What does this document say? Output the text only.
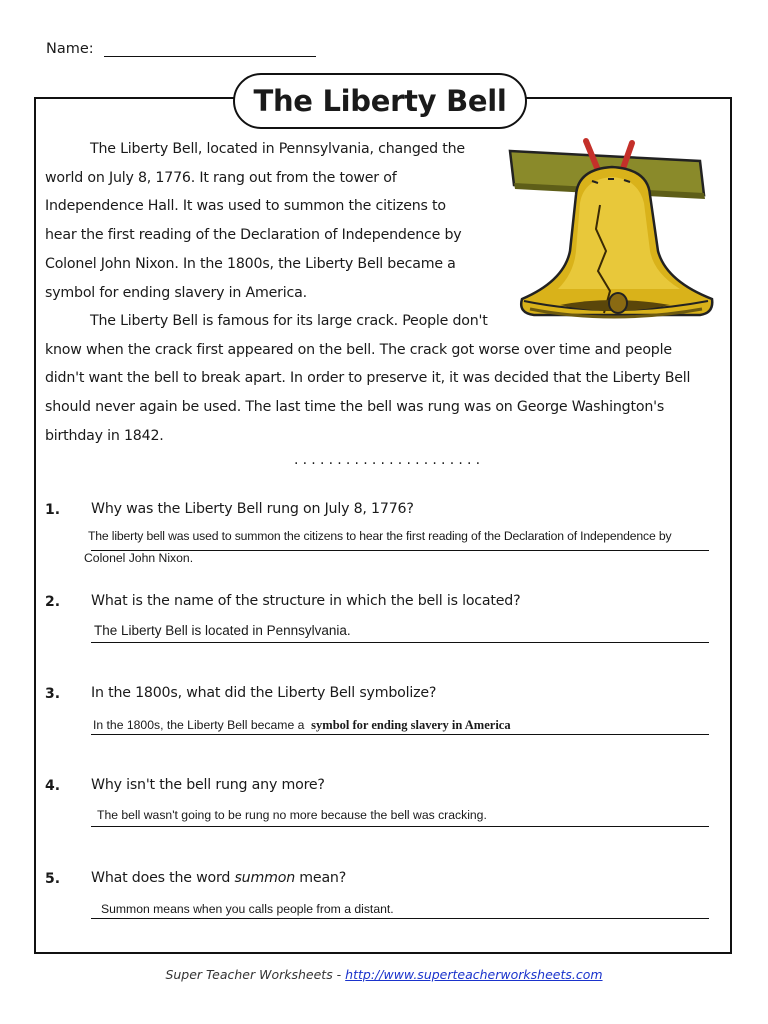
Name:
The Liberty Bell
The Liberty Bell, located in Pennsylvania, changed the
world on July 8, 1776. It rang out from the tower of
Independence Hall. It was used to summon the citizens to
hear the first reading of the Declaration of Independence by
Colonel John Nixon. In the 1800s, the Liberty Bell became a
symbol for ending slavery in America.
The Liberty Bell is famous for its large crack. People don't
know when the crack first appeared on the bell. The crack got worse over time and people
didn't want the bell to break apart. In order to preserve it, it was decided that the Liberty Bell
should never again be used. The last time the bell was rung was on George Washington's
birthday in 1842.
......................
1. Why was the Liberty Bell rung on July 8, 1776?
The liberty bell was used to summon the citizens to hear the first reading of the Declaration of Independence by
Colonel John Nixon.
2. What is the name of the structure in which the bell is located?
The Liberty Bell is located in Pennsylvania.
3. In the 1800s, what did the Liberty Bell symbolize?
In the 1800s, the Liberty Bell became a symbol for ending slavery in America
4. Why isn't the bell rung any more?
The bell wasn't going to be rung no more because the bell was cracking.
5. What does the word summon mean?
Summon means when you calls people from a distant.
Super Teacher Worksheets - http://www.superteacherworksheets.com
